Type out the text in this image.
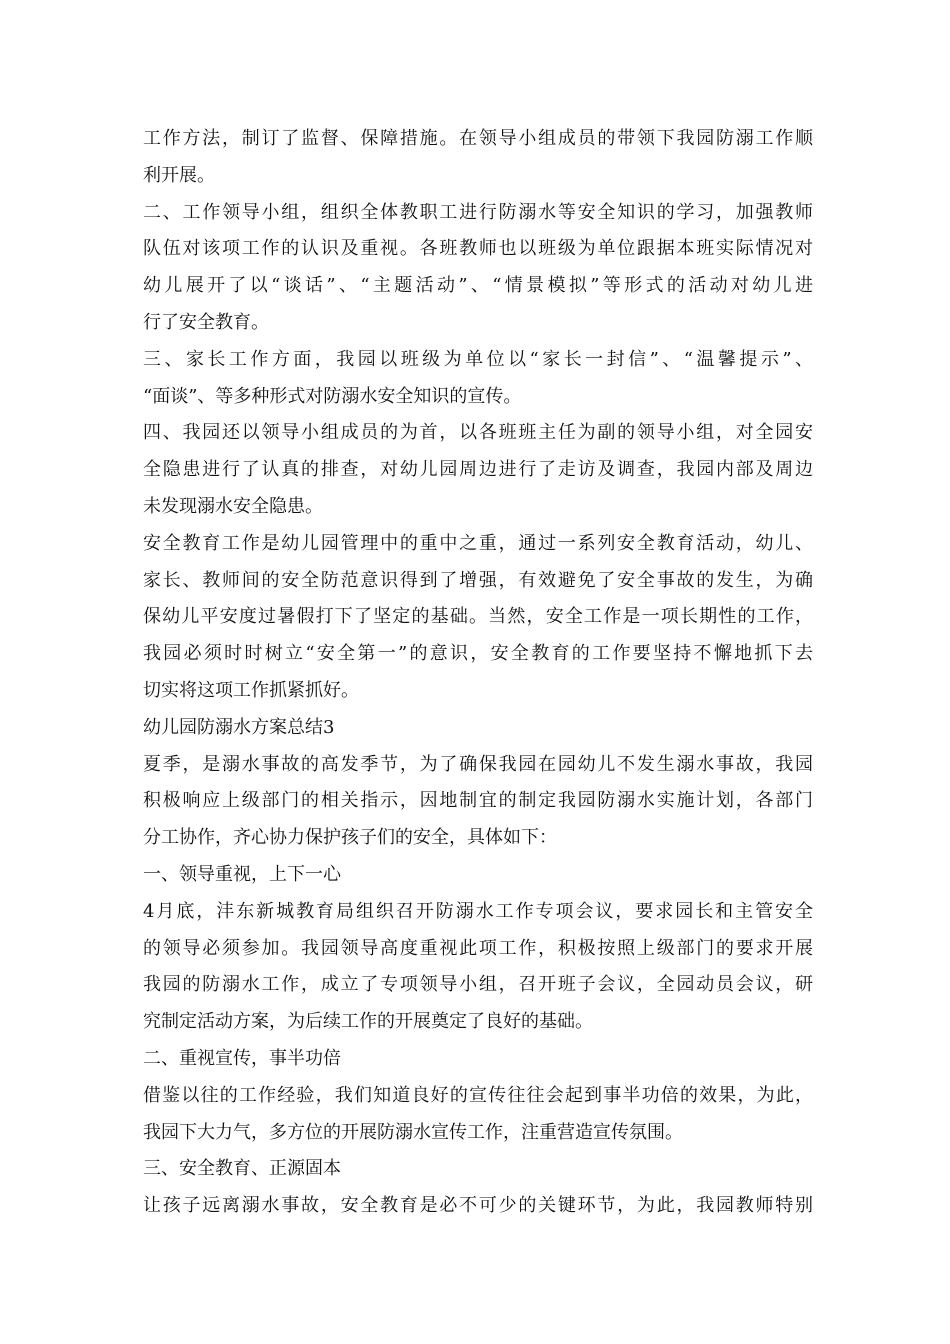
工作方法，制订了监督、保障措施。在领导小组成员的带领下我园防溺工作顺
利开展。
二、工作领导小组，组织全体教职工进行防溺水等安全知识的学习，加强教师
队伍对该项工作的认识及重视。各班教师也以班级为单位跟据本班实际情况对
幼儿展开了以“谈话”、“主题活动”、“情景模拟”等形式的活动对幼儿进
行了安全教育。
三、家长工作方面，我园以班级为单位以“家长一封信”、“温馨提示”、
“面谈”、等多种形式对防溺水安全知识的宣传。
四、我园还以领导小组成员的为首，以各班班主任为副的领导小组，对全园安
全隐患进行了认真的排查，对幼儿园周边进行了走访及调查，我园内部及周边
未发现溺水安全隐患。
安全教育工作是幼儿园管理中的重中之重，通过一系列安全教育活动，幼儿、
家长、教师间的安全防范意识得到了增强，有效避免了安全事故的发生，为确
保幼儿平安度过暑假打下了坚定的基础。当然，安全工作是一项长期性的工作，
我园必须时时树立“安全第一”的意识，安全教育的工作要坚持不懈地抓下去
切实将这项工作抓紧抓好。
幼儿园防溺水方案总结3
夏季，是溺水事故的高发季节，为了确保我园在园幼儿不发生溺水事故，我园
积极响应上级部门的相关指示，因地制宜的制定我园防溺水实施计划，各部门
分工协作，齐心协力保护孩子们的安全，具体如下：
一、领导重视，上下一心
4月底，沣东新城教育局组织召开防溺水工作专项会议，要求园长和主管安全
的领导必须参加。我园领导高度重视此项工作，积极按照上级部门的要求开展
我园的防溺水工作，成立了专项领导小组，召开班子会议，全园动员会议，研
究制定活动方案，为后续工作的开展奠定了良好的基础。
二、重视宣传，事半功倍
借鉴以往的工作经验，我们知道良好的宣传往往会起到事半功倍的效果，为此，
我园下大力气，多方位的开展防溺水宣传工作，注重营造宣传氛围。
三、安全教育、正源固本
让孩子远离溺水事故，安全教育是必不可少的关键环节，为此，我园教师特别
